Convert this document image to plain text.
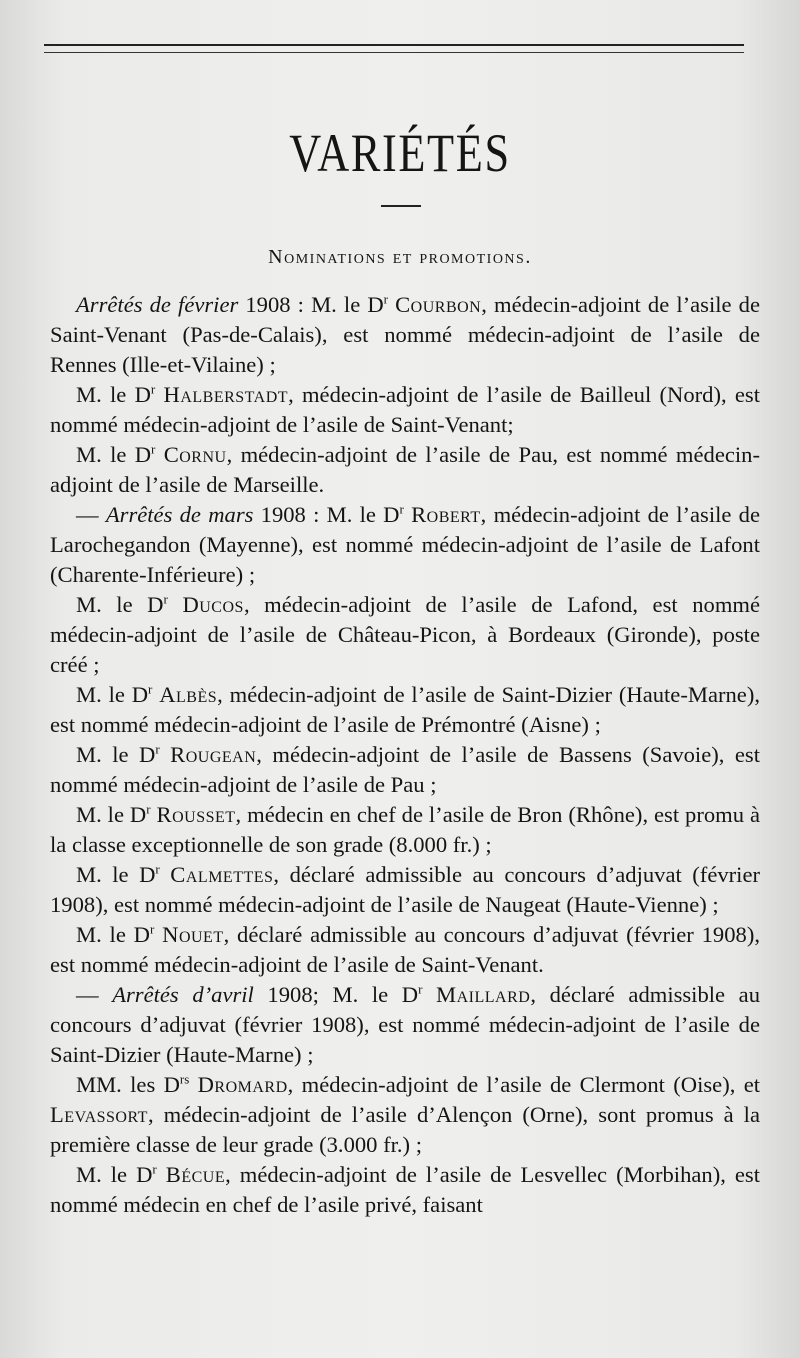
VARIÉTÉS
Nominations et promotions.

Arrêtés de février 1908 : M. le $D^r$ Courbon, médecin-adjoint de l’asile de Saint-Venant (Pas-de-Calais), est nommé médecin-adjoint de l’asile de Rennes (Ille-et-Vilaine) ;

M. le $D^r$ Halberstadt, médecin-adjoint de l’asile de Bailleul (Nord), est nommé médecin-adjoint de l’asile de Saint-Venant;

M. le $D^r$ Cornu, médecin-adjoint de l’asile de Pau, est nommé médecin-adjoint de l’asile de Marseille.

— Arrêtés de mars 1908 : M. le $D^r$ Robert, médecin-adjoint de l’asile de Larochegandon (Mayenne), est nommé médecin-adjoint de l’asile de Lafont (Charente-Inférieure) ;

M. le $D^r$ Ducos, médecin-adjoint de l’asile de Lafond, est nommé médecin-adjoint de l’asile de Château-Picon, à Bordeaux (Gironde), poste créé ;

M. le $D^r$ Albès, médecin-adjoint de l’asile de Saint-Dizier (Haute-Marne), est nommé médecin-adjoint de l’asile de Prémontré (Aisne) ;

M. le $D^r$ Rougean, médecin-adjoint de l’asile de Bassens (Savoie), est nommé médecin-adjoint de l’asile de Pau ;

M. le $D^r$ Rousset, médecin en chef de l’asile de Bron (Rhône), est promu à la classe exceptionnelle de son grade (8.000 fr.) ;

M. le $D^r$ Calmettes, déclaré admissible au concours d’adjuvat (février 1908), est nommé médecin-adjoint de l’asile de Naugeat (Haute-Vienne) ;

M. le $D^r$ Nouet, déclaré admissible au concours d’adjuvat (février 1908), est nommé médecin-adjoint de l’asile de Saint-Venant.

— Arrêtés d’avril 1908; M. le $D^r$ Maillard, déclaré admissible au concours d’adjuvat (février 1908), est nommé médecin-adjoint de l’asile de Saint-Dizier (Haute-Marne) ;

MM. les $D^{rs}$ Dromard, médecin-adjoint de l’asile de Clermont (Oise), et Levassort, médecin-adjoint de l’asile d’Alençon (Orne), sont promus à la première classe de leur grade (3.000 fr.) ;

M. le $D^r$ Bécue, médecin-adjoint de l’asile de Lesvellec (Morbihan), est nommé médecin en chef de l’asile privé, faisant
